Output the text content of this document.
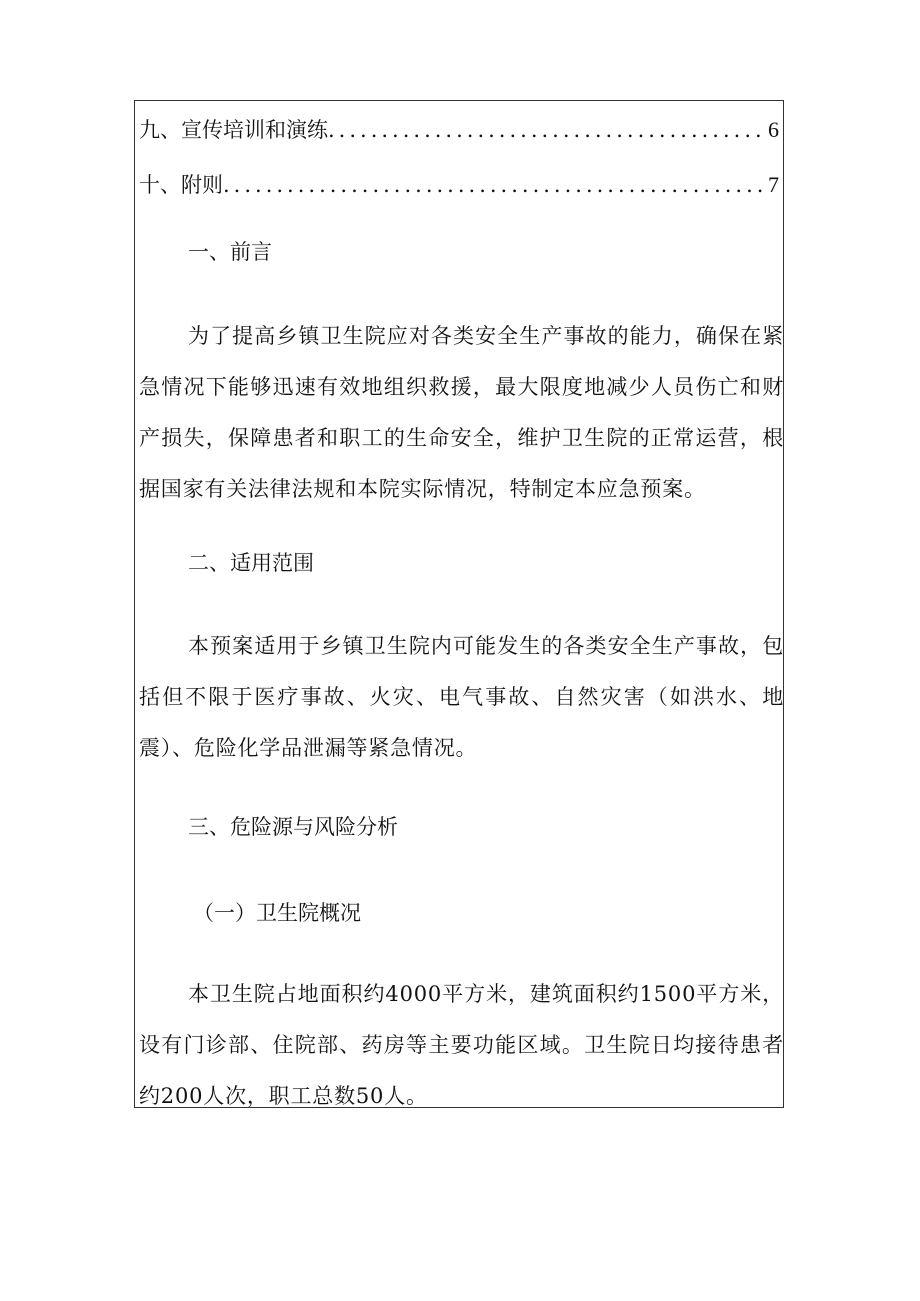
九、宣传培训和演练 .....	6
十、附则 .....	7
一、前言
为了提高乡镇卫生院应对各类安全生产事故的能力，确保在紧急情况下能够迅速有效地组织救援，最大限度地减少人员伤亡和财产损失，保障患者和职工的生命安全，维护卫生院的正常运营，根据国家有关法律法规和本院实际情况，特制定本应急预案。
二、适用范围
本预案适用于乡镇卫生院内可能发生的各类安全生产事故，包括但不限于医疗事故、火灾、电气事故、自然灾害（如洪水、地震）、危险化学品泄漏等紧急情况。
三、危险源与风险分析
（一）卫生院概况
本卫生院占地面积约4000平方米，建筑面积约1500平方米，设有门诊部、住院部、药房等主要功能区域。卫生院日均接待患者约200人次，职工总数50人。
